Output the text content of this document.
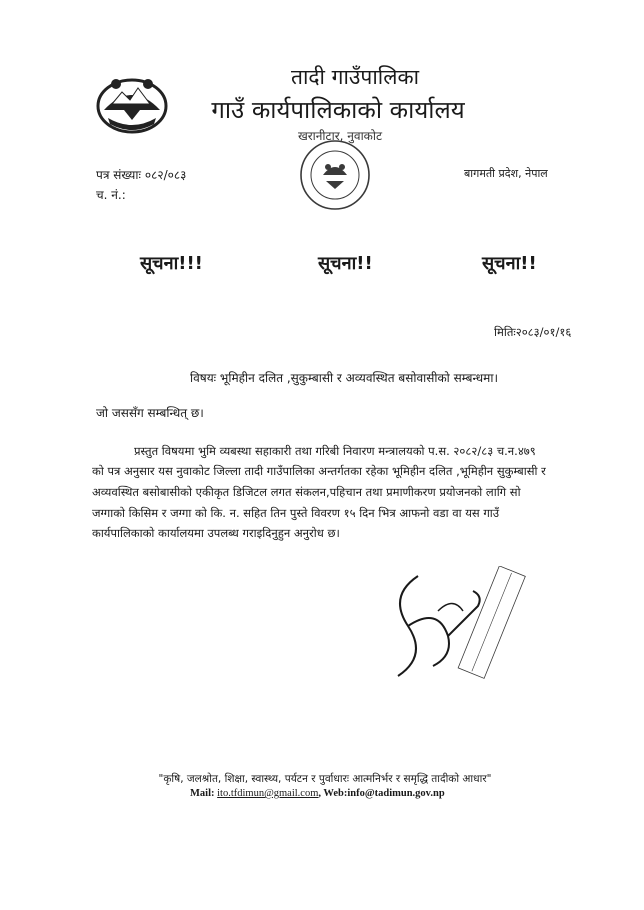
तादी गाउँपालिका
गाउँ कार्यपालिकाको कार्यालय
खरानीटार, नुवाकोट
पत्र संख्याः ०८२/०८३
च. नं.:
बागमती प्रदेश, नेपाल
सूचना!!!	सूचना!!	सूचना!!
मितिः२०८३/०१/१६
विषयः भूमिहीन दलित ,सुकुम्बासी र अव्यवस्थित बसोवासीको सम्बन्धमा।
जो जससँग सम्बन्धित् छ।
प्रस्तुत विषयमा भुमि व्यबस्था सहाकारी तथा गरिबी निवारण मन्त्रालयको प.स. २०८२/८३ च.न.४७९
को पत्र अनुसार यस नुवाकोट जिल्ला तादी गाउँपालिका अन्तर्गतका रहेका भूमिहीन दलित ,भूमिहीन सुकुम्बासी र
अव्यवस्थित बसोबासीको एकीकृत डिजिटल लगत संकलन,पहिचान तथा प्रमाणीकरण प्रयोजनको लागि सो
जग्गाको किसिम र जग्गा को कि. न. सहित तिन पुस्ते विवरण १५ दिन भित्र आफनो वडा वा यस गाउँ
कार्यपालिकाको कार्यालयमा उपलब्ध गराइदिनुहुन अनुरोध छ।
"कृषि, जलश्रोत, शिक्षा, स्वास्थ्य, पर्यटन र पुर्वाधारः आत्मनिर्भर र समृद्धि तादीको आधार"
Mail: ito.tfdimun@gmail.com, Web:info@tadimun.gov.np
